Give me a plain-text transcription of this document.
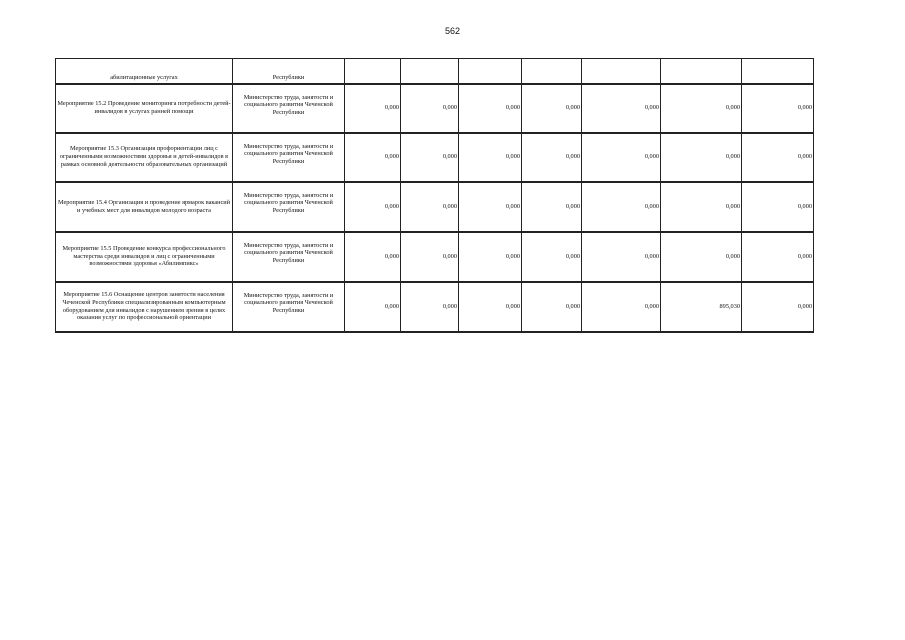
562
абилитационные услугах	Республики							
Мероприятие 15.2 Проведение мониторинга потребности детей- инвалидов в услугах ранней помощи	Министерство труда, занятости и социального развития Чеченской Республики	0,000	0,000	0,000	0,000	0,000	0,000	0,000
Мероприятие 15.3 Организация профориентации лиц с ограниченными возможностями здоровья и детей-инвалидов в рамках основной деятельности образовательных организаций	Министерство труда, занятости и социального развития Чеченской Республики	0,000	0,000	0,000	0,000	0,000	0,000	0,000
Мероприятие 15.4 Организация и проведение ярмарок вакансий и учебных мест для инвалидов молодого возраста	Министерство труда, занятости и социального развития Чеченской Республики	0,000	0,000	0,000	0,000	0,000	0,000	0,000
Мероприятие 15.5 Проведение конкурса профессионального мастерства среди инвалидов и лиц с ограниченными возможностями здоровья «Абилимпикс»	Министерство труда, занятости и социального развития Чеченской Республики	0,000	0,000	0,000	0,000	0,000	0,000	0,000
Мероприятие 15.6 Оснащение центров занятости населения Чеченской Республики специализированным компьютерным оборудованием для инвалидов с нарушением зрения в целях оказания услуг по профессиональной ориентации	Министерство труда, занятости и социального развития Чеченской Республики	0,000	0,000	0,000	0,000	0,000	895,030	0,000
